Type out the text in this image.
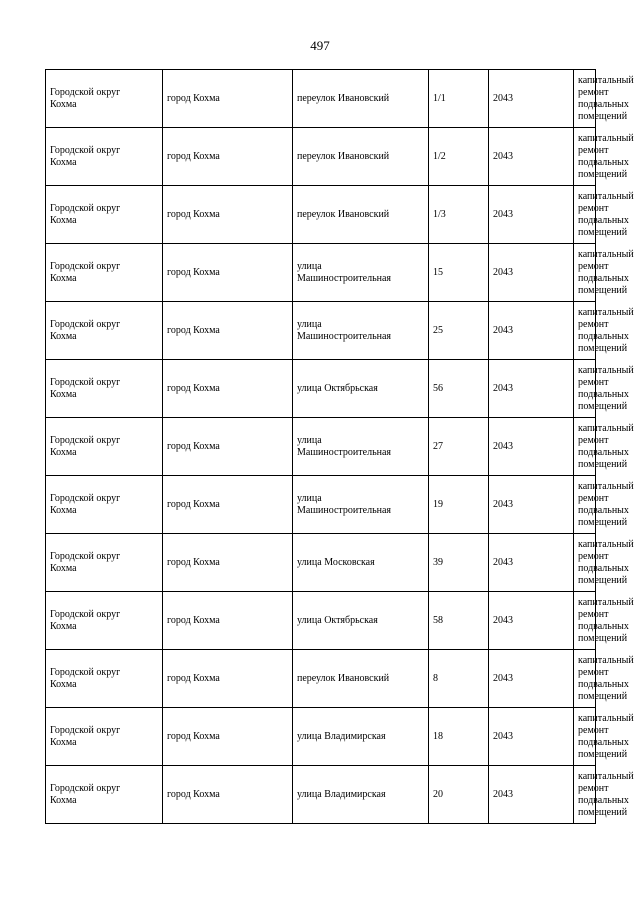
497
Городской округ
Кохма	город Кохма	переулок Ивановский	1/1	2043	капитальный
ремонт
подвальных
помещений

Городской округ
Кохма	город Кохма	переулок Ивановский	1/2	2043	капитальный
ремонт
подвальных
помещений

Городской округ
Кохма	город Кохма	переулок Ивановский	1/3	2043	капитальный
ремонт
подвальных
помещений

Городской округ
Кохма	город Кохма	улица
Машиностроительная	15	2043	капитальный
ремонт
подвальных
помещений

Городской округ
Кохма	город Кохма	улица
Машиностроительная	25	2043	капитальный
ремонт
подвальных
помещений

Городской округ
Кохма	город Кохма	улица Октябрьская	56	2043	капитальный
ремонт
подвальных
помещений

Городской округ
Кохма	город Кохма	улица
Машиностроительная	27	2043	капитальный
ремонт
подвальных
помещений

Городской округ
Кохма	город Кохма	улица
Машиностроительная	19	2043	капитальный
ремонт
подвальных
помещений

Городской округ
Кохма	город Кохма	улица Московская	39	2043	капитальный
ремонт
подвальных
помещений

Городской округ
Кохма	город Кохма	улица Октябрьская	58	2043	капитальный
ремонт
подвальных
помещений

Городской округ
Кохма	город Кохма	переулок Ивановский	8	2043	капитальный
ремонт
подвальных
помещений

Городской округ
Кохма	город Кохма	улица Владимирская	18	2043	капитальный
ремонт
подвальных
помещений

Городской округ
Кохма	город Кохма	улица Владимирская	20	2043	капитальный
ремонт
подвальных
помещений
